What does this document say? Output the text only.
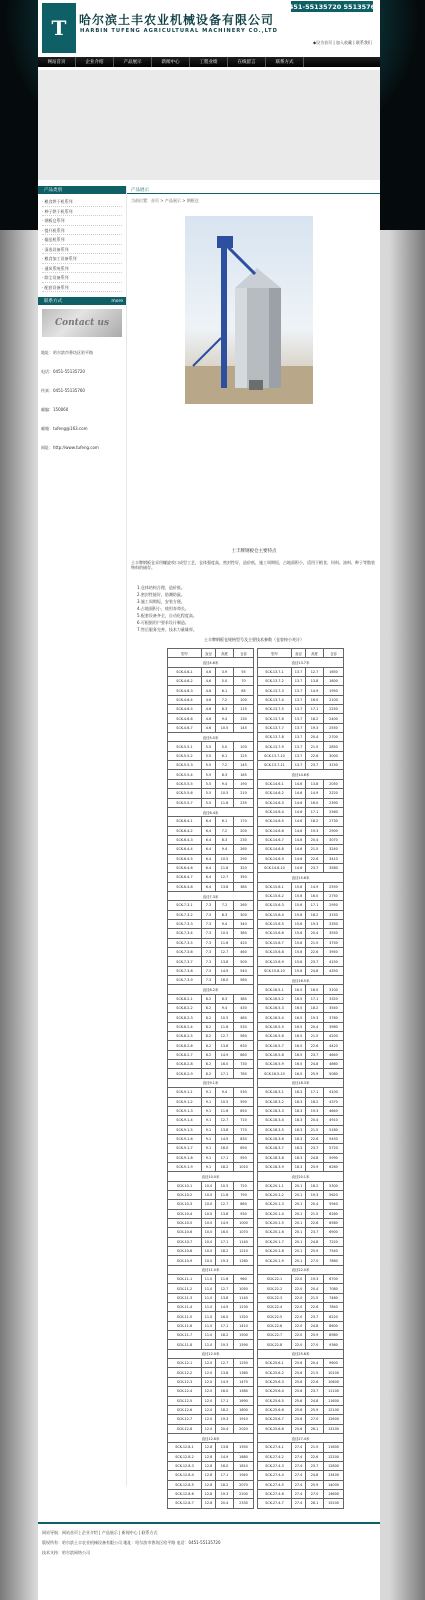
T	哈尔滨土丰农业机械设备有限公司
HARBIN TUFENG AGRICULTURAL MACHINERY CO.,LTD
0451-55135720 55135760
◆设为首页 | 加入收藏 | 联系我们
网站首页	企业介绍	产品展示	新闻中心	工程业绩	在线留言	联系方式
产品类别
· 粮食烘干机系列
· 种子烘干机系列
· 钢板仓系列
· 提升机系列
· 输送机系列
· 清选设备系列
· 粮食加工设备系列
· 通风系统系列
· 除尘设备系列
· 配套设备系列
联系方式	more
Contact us
地址：哈尔滨市香坊区哈平路
电话：0451-55135720
传真：0451-55135760
邮编：150060
邮箱：tufeng@163.com
网址：http://www.tufeng.com
产品展示
当前位置：首页 > 产品展示 > 钢板仓
土丰牌钢板仓主要特点
土丰牌钢板仓采用螺旋咬口成型工艺，仓体强度高，密封性好，造价低，施工周期短，占地面积小，适用于粮食、饲料、油料、种子等散装物料的储存。
1.仓体结构合理，造价低。
2.密封性能好，防潮防鼠。
3.施工周期短，安装方便。
4.占地面积小，使用寿命长。
5.配套设备齐全，自动化程度高。
6.可根据用户要求设计制造。
7.售后服务完善，技术力量雄厚。
土丰牌钢板仓规格型号及主要技术参数（仓容按小麦计）
型号	直径	高度	仓容
直径4.6米			
SCK-4.6-1	4.6	3.9	55
SCK-4.6-2	4.6	5.0	70
SCK-4.6-3	4.6	6.1	85
SCK-4.6-4	4.6	7.2	100
SCK-4.6-5	4.6	8.3	115
SCK-4.6-6	4.6	9.4	130
SCK-4.6-7	4.6	10.5	145
直径5.5米			
SCK-5.5-1	5.5	5.0	100
SCK-5.5-2	5.5	6.1	125
SCK-5.5-3	5.5	7.2	145
SCK-5.5-4	5.5	8.3	165
SCK-5.5-5	5.5	9.4	190
SCK-5.5-6	5.5	10.5	210
SCK-5.5-7	5.5	11.6	235
直径6.4米			
SCK-6.4-1	6.4	6.1	170
SCK-6.4-2	6.4	7.2	200
SCK-6.4-3	6.4	8.3	230
SCK-6.4-4	6.4	9.4	260
SCK-6.4-5	6.4	10.5	290
SCK-6.4-6	6.4	11.6	320
SCK-6.4-7	6.4	12.7	350
SCK-6.4-8	6.4	13.8	380
直径7.3米			
SCK-7.3-1	7.3	7.2	260
SCK-7.3-2	7.3	8.3	300
SCK-7.3-3	7.3	9.4	340
SCK-7.3-4	7.3	10.5	380
SCK-7.3-5	7.3	11.6	420
SCK-7.3-6	7.3	12.7	460
SCK-7.3-7	7.3	13.8	500
SCK-7.3-8	7.3	14.9	540
SCK-7.3-9	7.3	16.0	580
直径8.2米			
SCK-8.2-1	8.2	8.3	380
SCK-8.2-2	8.2	9.4	430
SCK-8.2-3	8.2	10.5	480
SCK-8.2-4	8.2	11.6	530
SCK-8.2-5	8.2	12.7	580
SCK-8.2-6	8.2	13.8	630
SCK-8.2-7	8.2	14.9	680
SCK-8.2-8	8.2	16.0	730
SCK-8.2-9	8.2	17.1	780
直径9.1米			
SCK-9.1-1	9.1	9.4	530
SCK-9.1-2	9.1	10.5	590
SCK-9.1-3	9.1	11.6	650
SCK-9.1-4	9.1	12.7	710
SCK-9.1-5	9.1	13.8	770
SCK-9.1-6	9.1	14.9	830
SCK-9.1-7	9.1	16.0	890
SCK-9.1-8	9.1	17.1	950
SCK-9.1-9	9.1	18.2	1010
直径10.0米			
SCK-10-1	10.0	10.5	720
SCK-10-2	10.0	11.6	790
SCK-10-3	10.0	12.7	860
SCK-10-4	10.0	13.8	930
SCK-10-5	10.0	14.9	1000
SCK-10-6	10.0	16.0	1070
SCK-10-7	10.0	17.1	1140
SCK-10-8	10.0	18.2	1210
SCK-10-9	10.0	19.3	1280
直径11.0米			
SCK-11-1	11.0	11.6	960
SCK-11-2	11.0	12.7	1050
SCK-11-3	11.0	13.8	1140
SCK-11-4	11.0	14.9	1230
SCK-11-5	11.0	16.0	1320
SCK-11-6	11.0	17.1	1410
SCK-11-7	11.0	18.2	1500
SCK-11-8	11.0	19.3	1590
直径12.0米			
SCK-12-1	12.0	12.7	1250
SCK-12-2	12.0	13.8	1360
SCK-12-3	12.0	14.9	1470
SCK-12-4	12.0	16.0	1580
SCK-12-5	12.0	17.1	1690
SCK-12-6	12.0	18.2	1800
SCK-12-7	12.0	19.3	1910
SCK-12-8	12.0	20.4	2020
直径12.8米			
SCK-12.8-1	12.8	13.8	1550
SCK-12.8-2	12.8	14.9	1680
SCK-12.8-3	12.8	16.0	1810
SCK-12.8-4	12.8	17.1	1940
SCK-12.8-5	12.8	18.2	2070
SCK-12.8-6	12.8	19.3	2200
SCK-12.8-7	12.8	20.4	2330
型号	直径	高度	仓容
直径13.7米			
SCK-13.7-1	13.7	12.7	1650
SCK-13.7-2	13.7	13.8	1800
SCK-13.7-3	13.7	14.9	1950
SCK-13.7-4	13.7	16.0	2100
SCK-13.7-5	13.7	17.1	2250
SCK-13.7-6	13.7	18.2	2400
SCK-13.7-7	13.7	19.3	2550
SCK-13.7-8	13.7	20.4	2700
SCK-13.7-9	13.7	21.5	2850
SCK-13.7-10	13.7	22.6	3000
SCK-13.7-11	13.7	23.7	3150
直径14.6米			
SCK-14.6-1	14.6	13.8	2050
SCK-14.6-2	14.6	14.9	2220
SCK-14.6-3	14.6	16.0	2390
SCK-14.6-4	14.6	17.1	2560
SCK-14.6-5	14.6	18.2	2730
SCK-14.6-6	14.6	19.3	2900
SCK-14.6-7	14.6	20.4	3070
SCK-14.6-8	14.6	21.5	3240
SCK-14.6-9	14.6	22.6	3410
SCK-14.6-10	14.6	23.7	3580
直径15.6米			
SCK-15.6-1	15.6	14.9	2550
SCK-15.6-2	15.6	16.0	2750
SCK-15.6-3	15.6	17.1	2950
SCK-15.6-4	15.6	18.2	3150
SCK-15.6-5	15.6	19.3	3350
SCK-15.6-6	15.6	20.4	3550
SCK-15.6-7	15.6	21.5	3750
SCK-15.6-8	15.6	22.6	3950
SCK-15.6-9	15.6	23.7	4150
SCK-15.6-10	15.6	24.8	4350
直径16.5米			
SCK-16.5-1	16.5	16.0	3100
SCK-16.5-2	16.5	17.1	3320
SCK-16.5-3	16.5	18.2	3540
SCK-16.5-4	16.5	19.3	3760
SCK-16.5-5	16.5	20.4	3980
SCK-16.5-6	16.5	21.5	4200
SCK-16.5-7	16.5	22.6	4420
SCK-16.5-8	16.5	23.7	4640
SCK-16.5-9	16.5	24.8	4860
SCK-16.5-10	16.5	25.9	5080
直径18.3米			
SCK-18.3-1	18.3	17.1	4100
SCK-18.3-2	18.3	18.2	4370
SCK-18.3-3	18.3	19.3	4640
SCK-18.3-4	18.3	20.4	4910
SCK-18.3-5	18.3	21.5	5180
SCK-18.3-6	18.3	22.6	5450
SCK-18.3-7	18.3	23.7	5720
SCK-18.3-8	18.3	24.8	5990
SCK-18.3-9	18.3	25.9	6260
直径20.1米			
SCK-20.1-1	20.1	18.2	5300
SCK-20.1-2	20.1	19.3	5620
SCK-20.1-3	20.1	20.4	5940
SCK-20.1-4	20.1	21.5	6260
SCK-20.1-5	20.1	22.6	6580
SCK-20.1-6	20.1	23.7	6900
SCK-20.1-7	20.1	24.8	7220
SCK-20.1-8	20.1	25.9	7540
SCK-20.1-9	20.1	27.0	7860
直径22.0米			
SCK-22-1	22.0	19.3	6700
SCK-22-2	22.0	20.4	7080
SCK-22-3	22.0	21.5	7460
SCK-22-4	22.0	22.6	7840
SCK-22-5	22.0	23.7	8220
SCK-22-6	22.0	24.8	8600
SCK-22-7	22.0	25.9	8980
SCK-22-8	22.0	27.0	9360
直径25.6米			
SCK-25.6-1	25.6	20.4	9600
SCK-25.6-2	25.6	21.5	10100
SCK-25.6-3	25.6	22.6	10600
SCK-25.6-4	25.6	23.7	11100
SCK-25.6-5	25.6	24.8	11600
SCK-25.6-6	25.6	25.9	12100
SCK-25.6-7	25.6	27.0	12600
SCK-25.6-8	25.6	28.1	13100
直径27.4米			
SCK-27.4-1	27.4	21.5	11600
SCK-27.4-2	27.4	22.6	12200
SCK-27.4-3	27.4	23.7	12800
SCK-27.4-4	27.4	24.8	13400
SCK-27.4-5	27.4	25.9	14000
SCK-27.4-6	27.4	27.0	14600
SCK-27.4-7	27.4	28.1	15200
网站导航：网站首页 | 企业介绍 | 产品展示 | 新闻中心 | 联系方式
版权所有：哈尔滨土丰农业机械设备有限公司 地址：哈尔滨市香坊区哈平路 电话：0451-55135720
技术支持：哈尔滨网络公司
